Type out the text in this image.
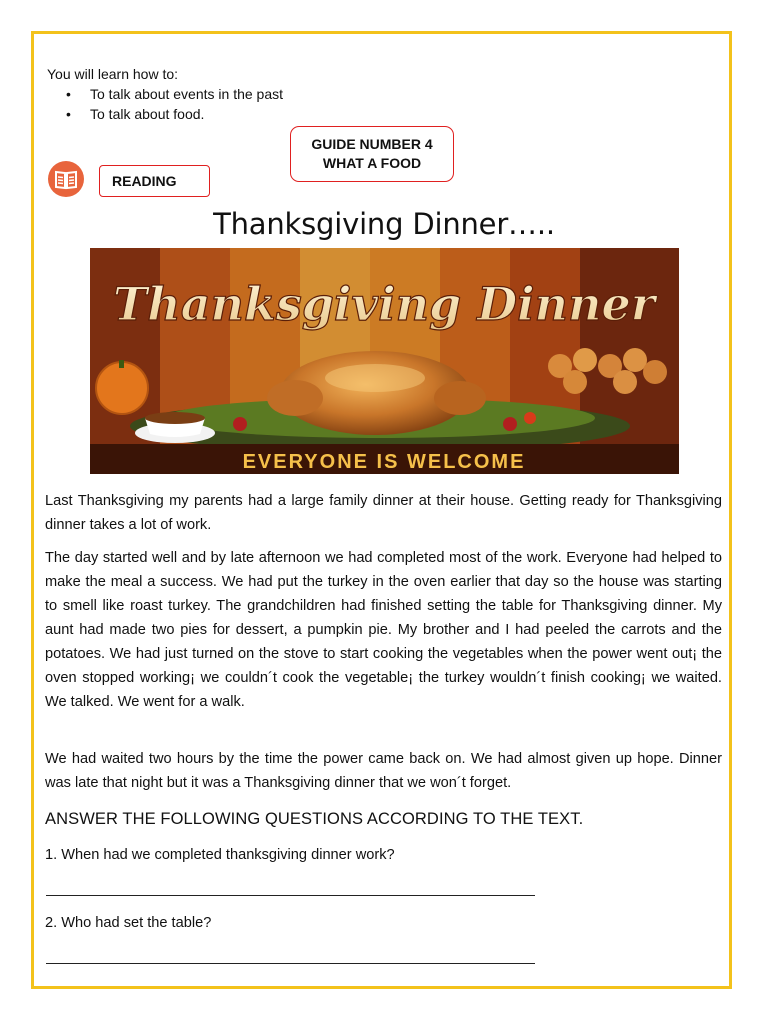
You will learn how to:
• To talk about events in the past
• To talk about food.
GUIDE NUMBER 4
WHAT A FOOD
READING
Thanksgiving Dinner…..
Thanksgiving Dinner
EVERYONE IS WELCOME
Last Thanksgiving my parents had a large family dinner at their house. Getting ready for Thanksgiving dinner takes a lot of work.
The day started well and by late afternoon we had completed most of the work. Everyone had helped to make the meal a success. We had put the turkey in the oven earlier that day so the house was starting to smell like roast turkey. The grandchildren had finished setting the table for Thanksgiving dinner. My aunt had made two pies for dessert, a pumpkin pie. My brother and I had peeled the carrots and the potatoes. We had just turned on the stove to start cooking the vegetables when the power went out¡ the oven stopped working¡ we couldn´t cook the vegetable¡ the turkey wouldn´t finish cooking¡ we waited. We talked. We went for a walk.
We had waited two hours by the time the power came back on. We had almost given up hope. Dinner was late that night but it was a Thanksgiving dinner that we won´t forget.
ANSWER THE FOLLOWING QUESTIONS ACCORDING TO THE TEXT.
1. When had we completed thanksgiving dinner work?
2. Who had set the table?
